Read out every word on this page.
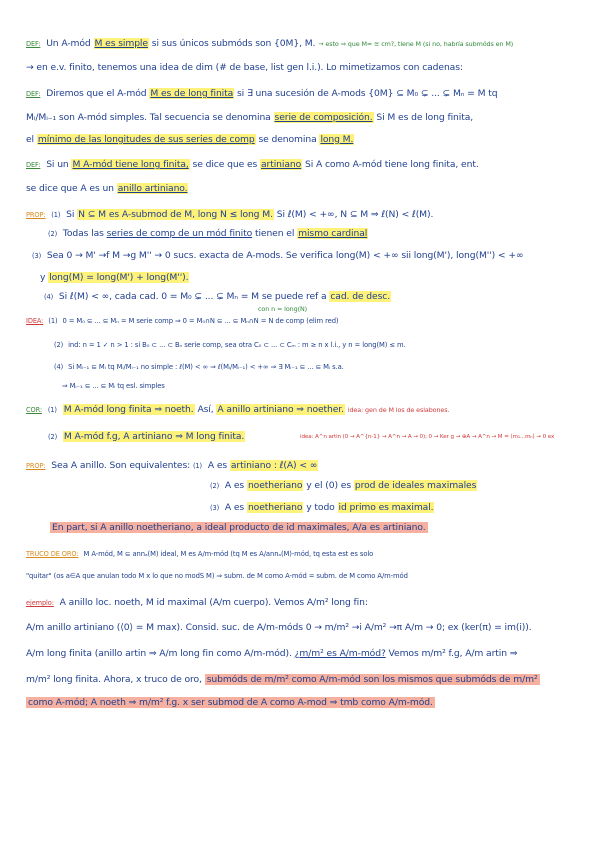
DEF: Un A-mód M es simple si sus únicos submóds son {0M}, M. → esto ⇒ que M≃ ≅ cm?, tiene M (si no, habría submóds en M)
→ en e.v. finito, tenemos una idea de dim (# de base, list gen l.i.). Lo mimetizamos con cadenas:
DEF: Diremos que el A-mód M es de long finita si ∃ una sucesión de A-mods {0M} ⊆ M₀ ⊊ ... ⊊ Mₙ = M tq
Mᵢ/Mᵢ₋₁ son A-mód simples. Tal secuencia se denomina serie de composición. Si M es de long finita,
el mínimo de las longitudes de sus series de comp se denomina long M.
DEF: Si un M A-mód tiene long finita, se dice que es artiniano Si A como A-mód tiene long finita, ent.
se dice que A es un anillo artiniano.
PROP: (1) Si N ⊆ M es A-submod de M, long N ≤ long M. Si ℓ(M) < +∞, N ⊆ M ⇒ ℓ(N) < ℓ(M).
(2) Todas las series de comp de un mód finito tienen el mismo cardinal
(3) Sea 0 → M' →f M →g M'' → 0 sucs. exacta de A-mods. Se verifica long(M) < +∞ sii long(M'), long(M'') < +∞
y long(M) = long(M') + long(M'').
(4) Si ℓ(M) < ∞, cada cad. 0 = M₀ ⊊ ... ⊊ Mₙ = M se puede ref a cad. de desc.
IDEA: (1) 0 = M₀ ⊆ ... ⊆ Mₙ = M serie comp ⇒ 0 = M₀∩N ⊆ ... ⊆ Mₙ∩N = N de comp (elim red)
con n = long(N)
(2) ind: n = 1 ✓ n > 1 : si B₀ ⊂ ... ⊂ Bₙ serie comp, sea otra C₀ ⊂ ... ⊂ Cₘ : m ≥ n x l.i., y n = long(M) ≤ m.
(4) Si Mᵢ₋₁ ⊆ Mᵢ tq Mᵢ/Mᵢ₋₁ no simple : ℓ(M) < ∞ ⇒ ℓ(Mᵢ/Mᵢ₋₁) < +∞ ⇒ ∃ Mᵢ₋₁ ⊆ ... ⊆ Mᵢ s.a.
⇒ Mᵢ₋₁ ⊆ ... ⊆ Mᵢ tq esl. simples
COR: (1) M A-mód long finita ⇒ noeth. Así, A anillo artiniano ⇒ noether. idea: gen de M los de eslabones.
(2) M A-mód f.g, A artiniano ⇒ M long finita.	idea: A^n artin (0 → A^{n-1} → A^n → A → 0); 0 → Ker g → ⊕A → A^n → M = ⟨m₁...mₙ⟩ → 0 ex
PROP: Sea A anillo. Son equivalentes: (1) A es artiniano : ℓ(A) < ∞
(2) A es noetheriano y el (0) es prod de ideales maximales
(3) A es noetheriano y todo id primo es maximal.
En part, si A anillo noetheriano, a ideal producto de id maximales, A/a es artiniano.
TRUCO DE ORO: M A-mód, M ⊆ annₐ(M) ideal, M es A/m-mód (tq M es A/annₐ(M)-mód, tq esta est es solo
"quitar" (os a∈A que anulan todo M x lo que no modS M) ⇒ subm. de M como A-mód = subm. de M como A/m-mód
ejemplo: A anillo loc. noeth, M id maximal (A/m cuerpo). Vemos A/m² long fin:
A/m anillo artiniano (⟨0⟩ = M max). Consid. suc. de A/m-móds 0 → m/m² →i A/m² →π A/m → 0; ex (ker(π) = im(i)).
A/m long finita (anillo artin ⇒ A/m long fin como A/m-mód). ¿m/m² es A/m-mód? Vemos m/m² f.g, A/m artin ⇒
m/m² long finita. Ahora, x truco de oro, submóds de m/m² como A/m-mód son los mismos que submóds de m/m²
como A-mód; A noeth ⇒ m/m² f.g. x ser submod de A como A-mod ⇒ tmb como A/m-mód.
